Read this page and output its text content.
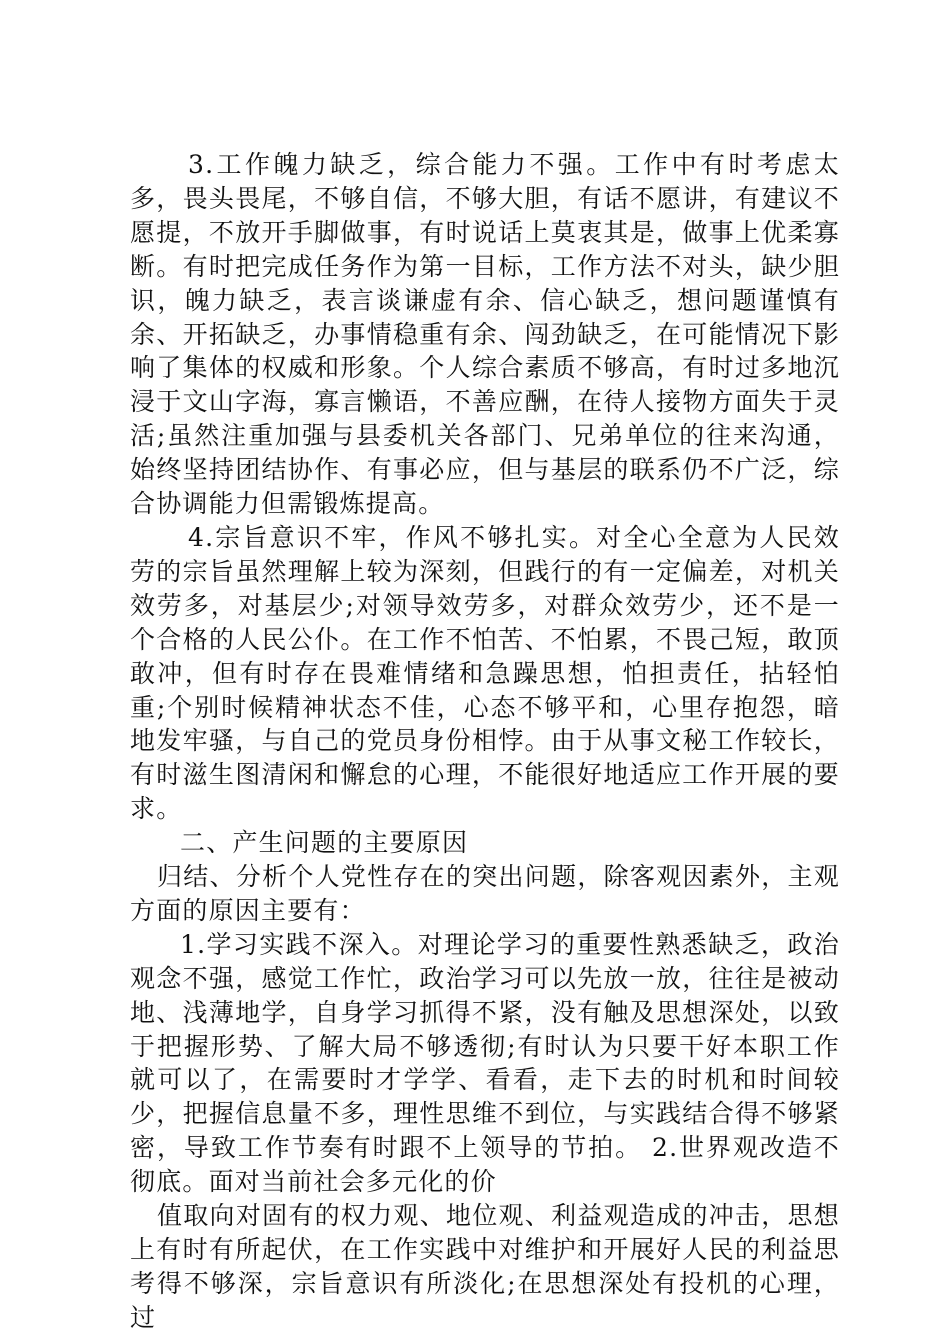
3.工作魄力缺乏，综合能力不强。工作中有时考虑太多，畏头畏尾，不够自信，不够大胆，有话不愿讲，有建议不愿提，不放开手脚做事，有时说话上莫衷其是，做事上优柔寡断。有时把完成任务作为第一目标，工作方法不对头，缺少胆识，魄力缺乏，表言谈谦虚有余、信心缺乏，想问题谨慎有余、开拓缺乏，办事情稳重有余、闯劲缺乏，在可能情况下影响了集体的权威和形象。个人综合素质不够高，有时过多地沉浸于文山字海，寡言懒语，不善应酬，在待人接物方面失于灵活;虽然注重加强与县委机关各部门、兄弟单位的往来沟通，始终坚持团结协作、有事必应，但与基层的联系仍不广泛，综合协调能力但需锻炼提高。

4.宗旨意识不牢，作风不够扎实。对全心全意为人民效劳的宗旨虽然理解上较为深刻，但践行的有一定偏差，对机关效劳多，对基层少;对领导效劳多，对群众效劳少，还不是一个合格的人民公仆。在工作不怕苦、不怕累，不畏己短，敢顶敢冲，但有时存在畏难情绪和急躁思想，怕担责任，拈轻怕重;个别时候精神状态不佳，心态不够平和，心里存抱怨，暗地发牢骚，与自己的党员身份相悖。由于从事文秘工作较长，有时滋生图清闲和懈怠的心理，不能很好地适应工作开展的要求。

二、产生问题的主要原因

归结、分析个人党性存在的突出问题，除客观因素外，主观方面的原因主要有：

1.学习实践不深入。对理论学习的重要性熟悉缺乏，政治观念不强，感觉工作忙，政治学习可以先放一放，往往是被动地、浅薄地学，自身学习抓得不紧，没有触及思想深处，以致于把握形势、了解大局不够透彻;有时认为只要干好本职工作就可以了，在需要时才学学、看看，走下去的时机和时间较少，把握信息量不多，理性思维不到位，与实践结合得不够紧密，导致工作节奏有时跟不上领导的节拍。 2.世界观改造不彻底。面对当前社会多元化的价

值取向对固有的权力观、地位观、利益观造成的冲击，思想上有时有所起伏，在工作实践中对维护和开展好人民的利益思考得不够深，宗旨意识有所淡化;在思想深处有投机的心理，过
